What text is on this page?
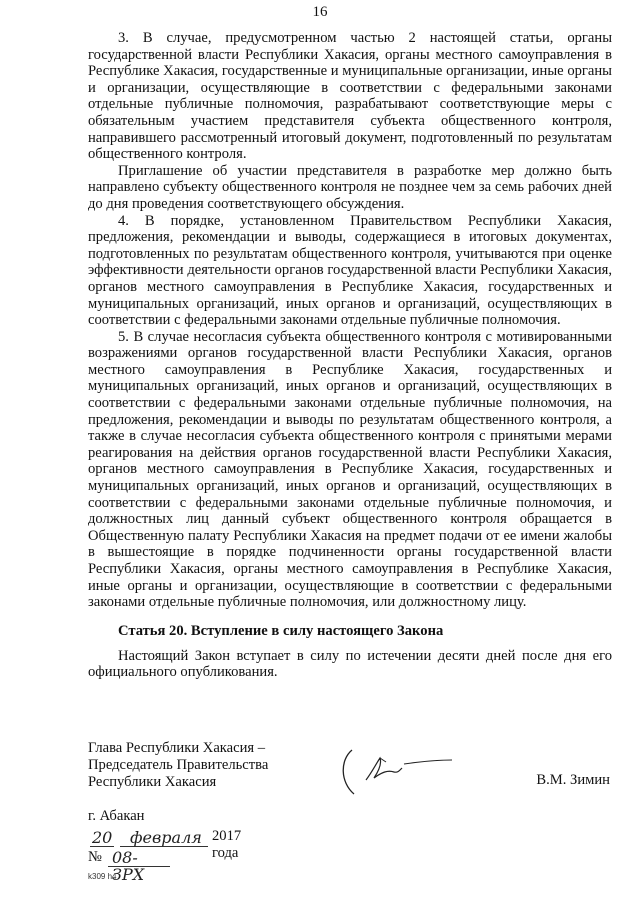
16

3. В случае, предусмотренном частью 2 настоящей статьи, органы государственной власти Республики Хакасия, органы местного самоуправления в Республике Хакасия, государственные и муниципальные организации, иные органы и организации, осуществляющие в соответствии с федеральными законами отдельные публичные полномочия, разрабатывают соответствующие меры с обязательным участием представителя субъекта общественного контроля, направившего рассмотренный итоговый документ, подготовленный по результатам общественного контроля.

Приглашение об участии представителя в разработке мер должно быть направлено субъекту общественного контроля не позднее чем за семь рабочих дней до дня проведения соответствующего обсуждения.

4. В порядке, установленном Правительством Республики Хакасия, предложения, рекомендации и выводы, содержащиеся в итоговых документах, подготовленных по результатам общественного контроля, учитываются при оценке эффективности деятельности органов государственной власти Республики Хакасия, органов местного самоуправления в Республике Хакасия, государственных и муниципальных организаций, иных органов и организаций, осуществляющих в соответствии с федеральными законами отдельные публичные полномочия.

5. В случае несогласия субъекта общественного контроля с мотивированными возражениями органов государственной власти Республики Хакасия, органов местного самоуправления в Республике Хакасия, государственных и муниципальных организаций, иных органов и организаций, осуществляющих в соответствии с федеральными законами отдельные публичные полномочия, на предложения, рекомендации и выводы по результатам общественного контроля, а также в случае несогласия субъекта общественного контроля с принятыми мерами реагирования на действия органов государственной власти Республики Хакасия, органов местного самоуправления в Республике Хакасия, государственных и муниципальных организаций, иных органов и организаций, осуществляющих в соответствии с федеральными законами отдельные публичные полномочия, и должностных лиц данный субъект общественного контроля обращается в Общественную палату Республики Хакасия на предмет подачи от ее имени жалобы в вышестоящие в порядке подчиненности органы государственной власти Республики Хакасия, органы местного самоуправления в Республике Хакасия, иные органы и организации, осуществляющие в соответствии с федеральными законами отдельные публичные полномочия, или должностному лицу.

Статья 20. Вступление в силу настоящего Закона

Настоящий Закон вступает в силу по истечении десяти дней после дня его официального опубликования.

Глава Республики Хакасия –
Председатель Правительства
Республики Хакасия	В.М. Зимин
г. Абакан
20 февраля 2017 года
№ 08-ЗРХ
k309 h4
